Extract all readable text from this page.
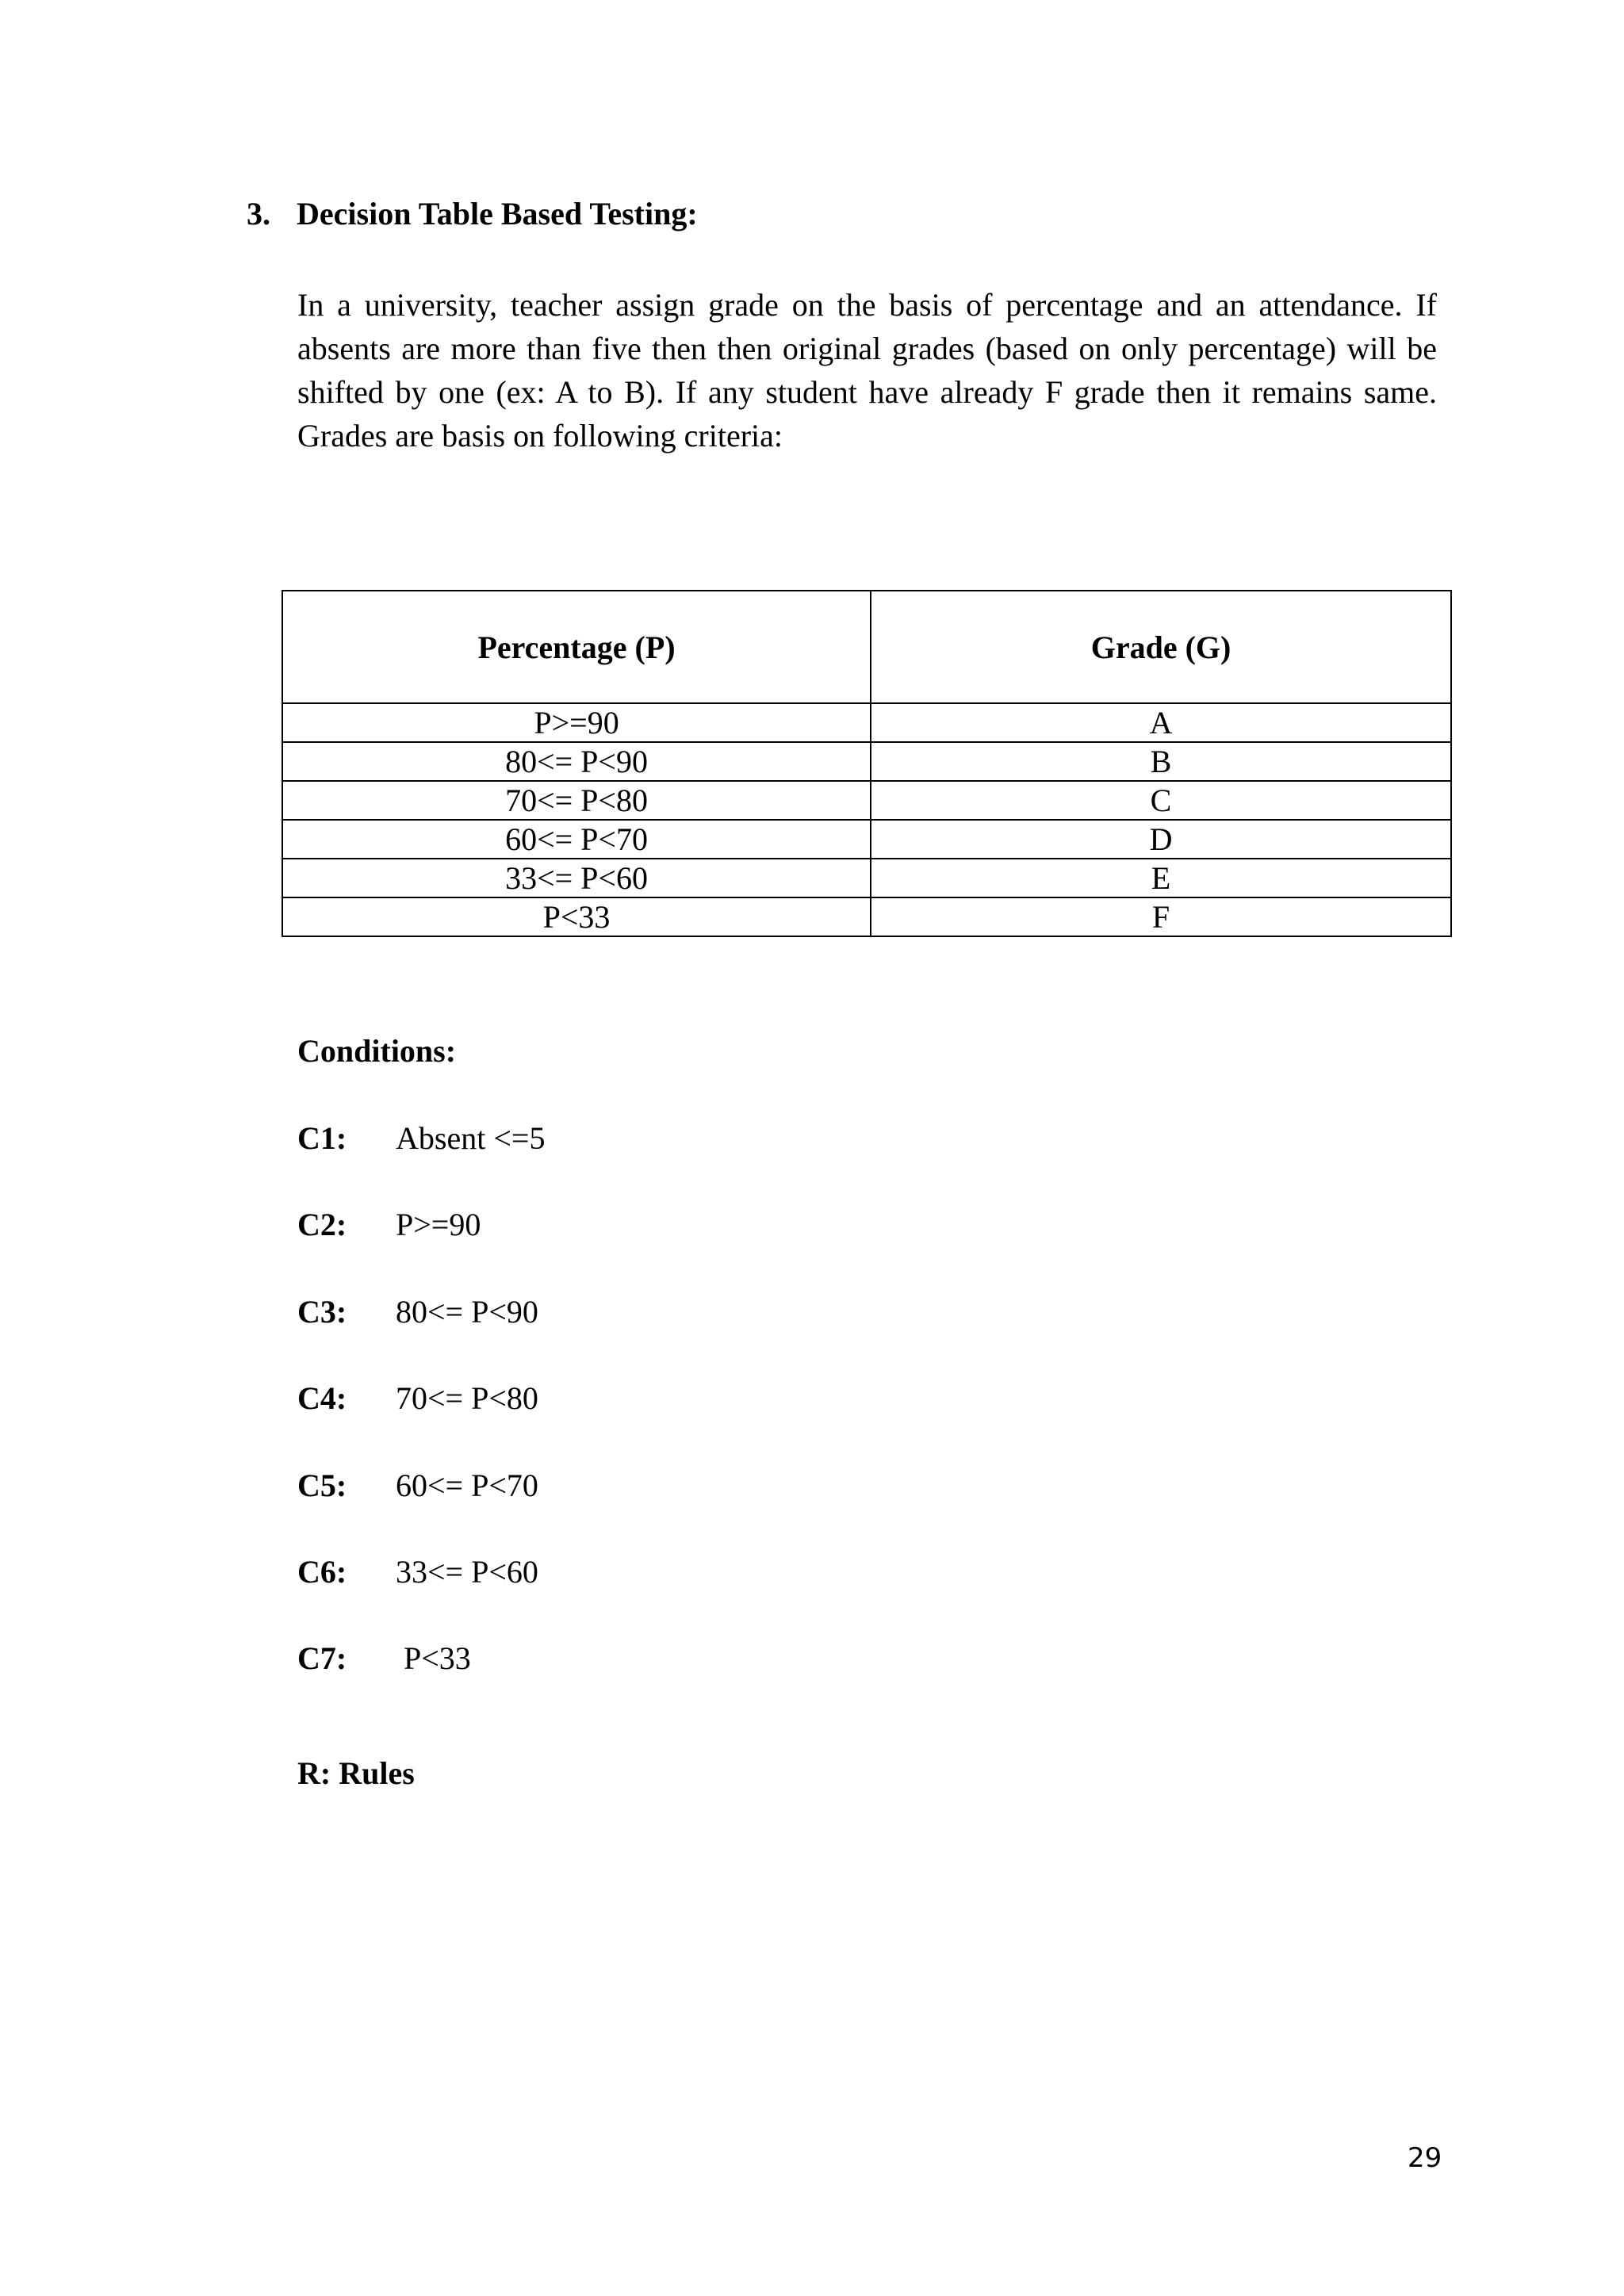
3. Decision Table Based Testing:
In a university, teacher assign grade on the basis of percentage and an attendance. If absents are more than five then then original grades (based on only percentage) will be shifted by one (ex: A to B). If any student have already F grade then it remains same. Grades are basis on following criteria:
Percentage (P)	Grade (G)
P>=90	A
80<= P<90	B
70<= P<80	C
60<= P<70	D
33<= P<60	E
P<33	F
Conditions:
C1: Absent <=5
C2: P>=90
C3: 80<= P<90
C4: 70<= P<80
C5: 60<= P<70
C6: 33<= P<60
C7: P<33
R: Rules
29
